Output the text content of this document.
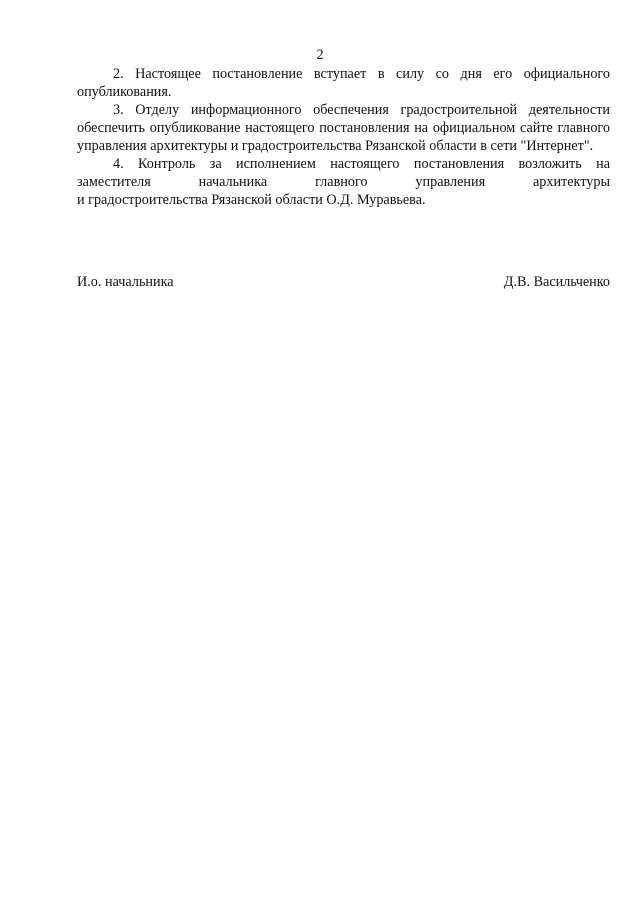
2

2. Настоящее постановление вступает в силу со дня его официального опубликования.

3. Отделу информационного обеспечения градостроительной деятельности обеспечить опубликование настоящего постановления на официальном сайте главного управления архитектуры и градостроительства Рязанской области в сети "Интернет".

4. Контроль за исполнением настоящего постановления возложить на заместителя начальника главного управления архитектуры

и градостроительства Рязанской области О.Д. Муравьева.

И.о. начальника	Д.В. Васильченко
